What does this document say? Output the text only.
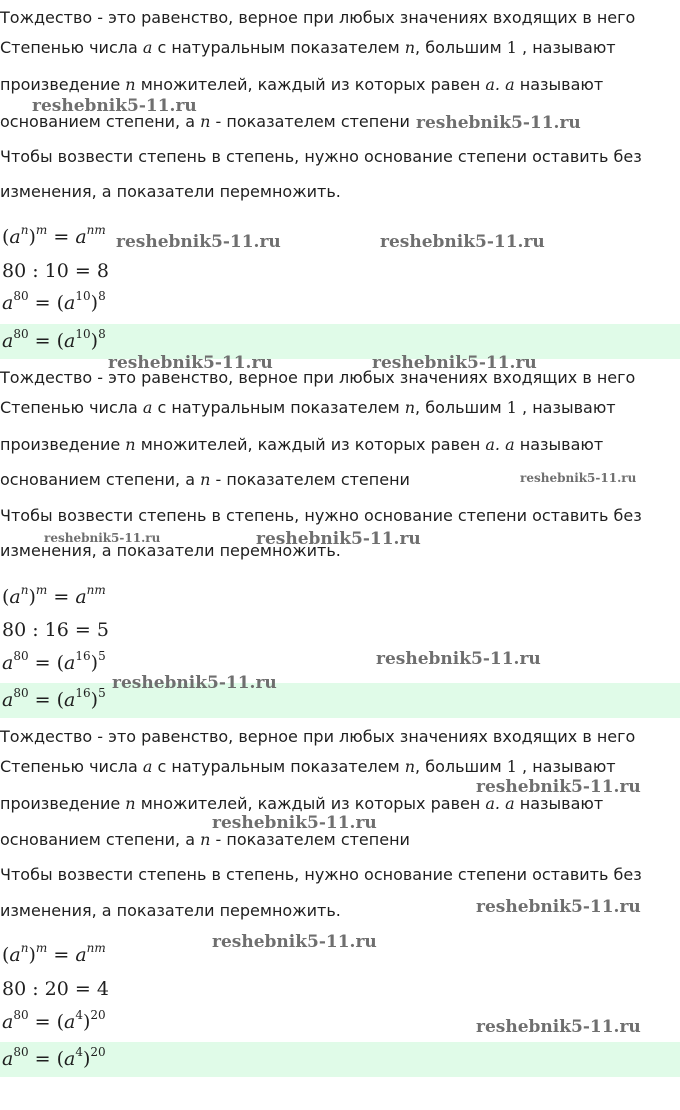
Тождество - это равенство, верное при любых значениях входящих в него
Степенью числа a с натуральным показателем n, большим 1 , называют
произведение n множителей, каждый из которых равен a. a называют
основанием степени, а n - показателем степени
Чтобы возвести степень в степень, нужно основание степени оставить без
изменения, а показатели перемножить.
$(a^n)^m = a^{nm}$
80 : 10 = 8
$a^{80} = (a^{10})^8$
$a^{80} = (a^{10})^8$
Тождество - это равенство, верное при любых значениях входящих в него
Степенью числа a с натуральным показателем n, большим 1 , называют
произведение n множителей, каждый из которых равен a. a называют
основанием степени, а n - показателем степени
Чтобы возвести степень в степень, нужно основание степени оставить без
изменения, а показатели перемножить.
$(a^n)^m = a^{nm}$
80 : 16 = 5
$a^{80} = (a^{16})^5$
$a^{80} = (a^{16})^5$
Тождество - это равенство, верное при любых значениях входящих в него
Степенью числа a с натуральным показателем n, большим 1 , называют
произведение n множителей, каждый из которых равен a. a называют
основанием степени, а n - показателем степени
Чтобы возвести степень в степень, нужно основание степени оставить без
изменения, а показатели перемножить.
$(a^n)^m = a^{nm}$
80 : 20 = 4
$a^{80} = (a^4)^{20}$
$a^{80} = (a^4)^{20}$
reshebnik5-11.ru
reshebnik5-11.ru
reshebnik5-11.ru	reshebnik5-11.ru
reshebnik5-11.ru	reshebnik5-11.ru
reshebnik5-11.ru
reshebnik5-11.ru	reshebnik5-11.ru
reshebnik5-11.ru
reshebnik5-11.ru
reshebnik5-11.ru
reshebnik5-11.ru
reshebnik5-11.ru
reshebnik5-11.ru
reshebnik5-11.ru
